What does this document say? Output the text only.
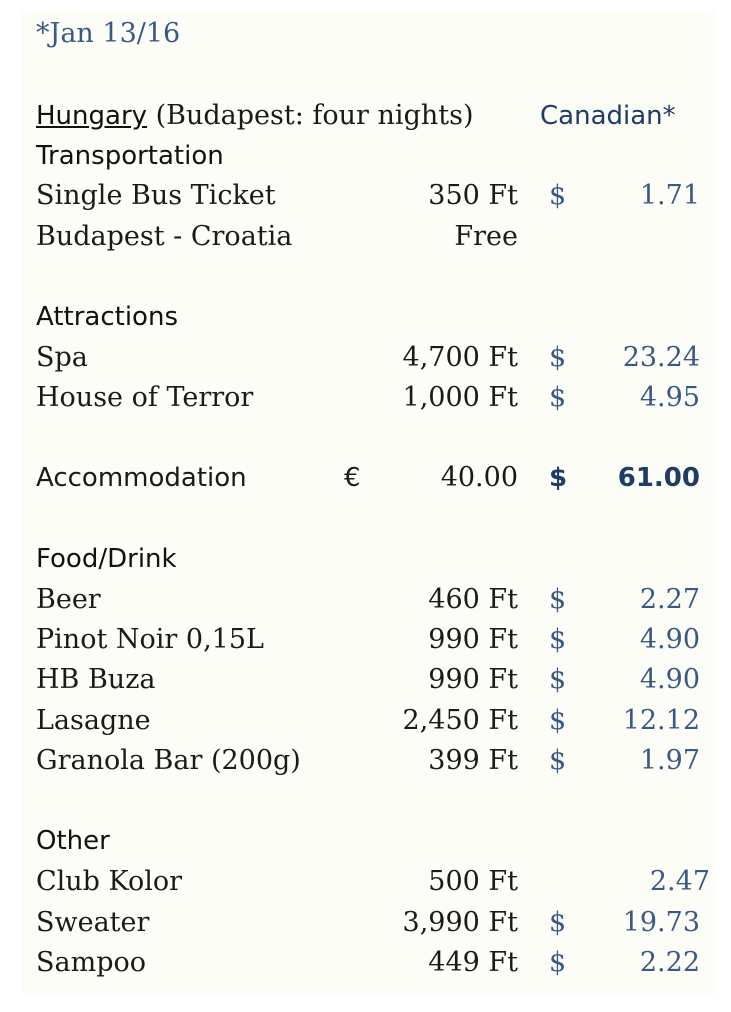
*Jan 13/16
Hungary (Budapest: four nights)	Canadian*
Transportation
Single Bus Ticket	350 Ft $	1.71
Budapest - Croatia	Free
Attractions
Spa	4,700 Ft $ 23.24
House of Terror	1,000 Ft $	4.95
Accommodation	€	40.00 $ 61.00
Food/Drink
Beer	460 Ft $	2.27
Pinot Noir 0,15L	990 Ft $	4.90
HB Buza	990 Ft $	4.90
Lasagne	2,450 Ft $ 12.12
Granola Bar (200g)	399 Ft $	1.97
Other
Club Kolor	500 Ft	2.47
Sweater	3,990 Ft $ 19.73
Sampoo	449 Ft $	2.22
